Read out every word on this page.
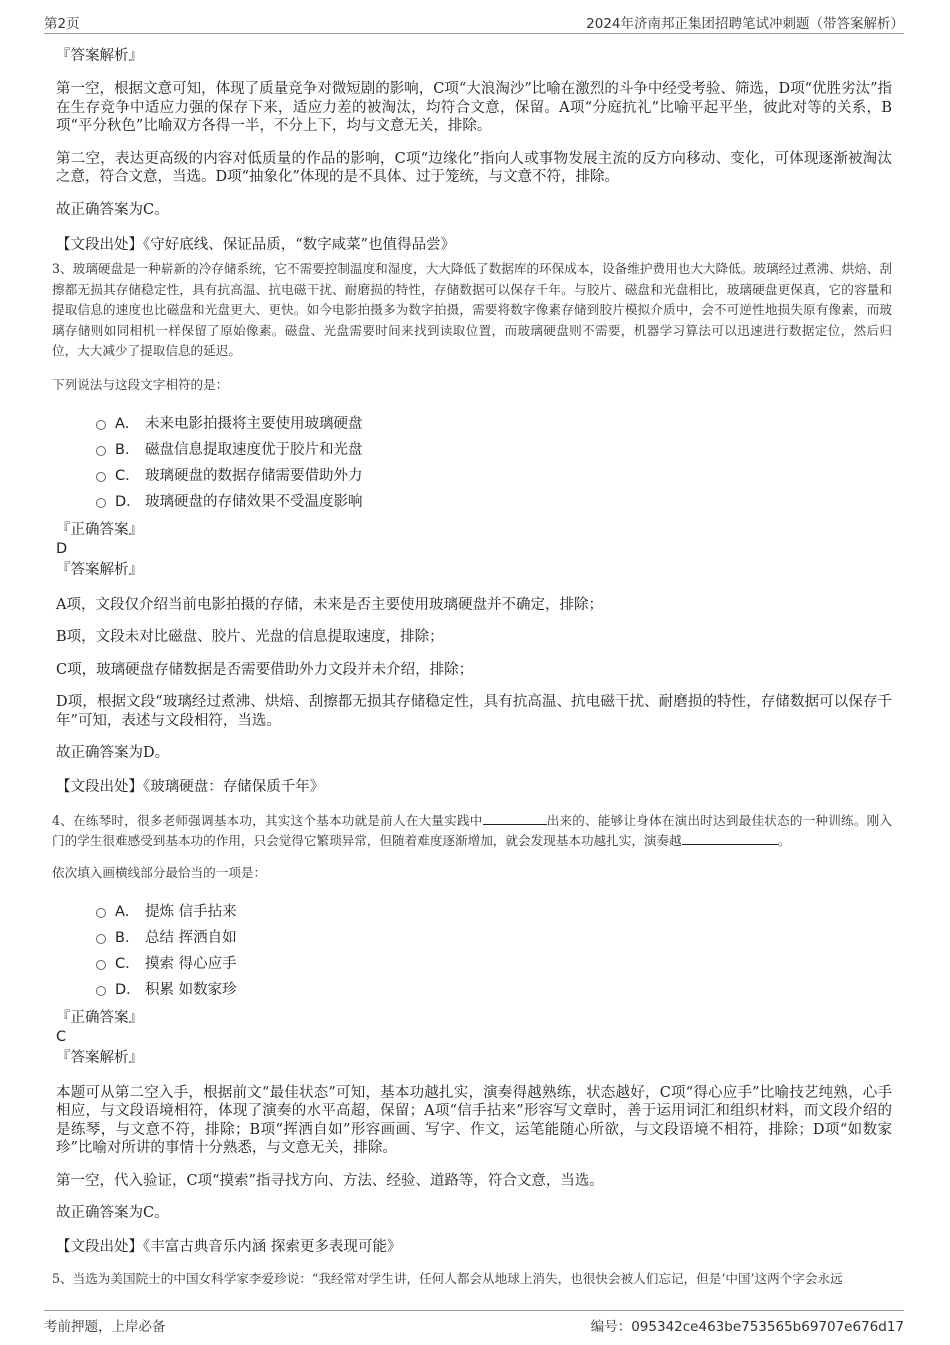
第2页	2024年济南邦正集团招聘笔试冲刺题（带答案解析）
『答案解析』
第一空，根据文意可知，体现了质量竞争对微短剧的影响，C项“大浪淘沙”比喻在激烈的斗争中经受考验、筛选，D项“优胜劣汰”指在生存竞争中适应力强的保存下来，适应力差的被淘汰，均符合文意，保留。A项“分庭抗礼”比喻平起平坐，彼此对等的关系，B项“平分秋色”比喻双方各得一半，不分上下，均与文意无关，排除。
第二空，表达更高级的内容对低质量的作品的影响，C项“边缘化”指向人或事物发展主流的反方向移动、变化，可体现逐渐被淘汰之意，符合文意，当选。D项“抽象化”体现的是不具体、过于笼统，与文意不符，排除。
故正确答案为C。
【文段出处】《守好底线、保证品质，“数字咸菜”也值得品尝》
3、玻璃硬盘是一种崭新的冷存储系统，它不需要控制温度和湿度，大大降低了数据库的环保成本，设备维护费用也大大降低。玻璃经过煮沸、烘焙、刮擦都无损其存储稳定性，具有抗高温、抗电磁干扰、耐磨损的特性，存储数据可以保存千年。与胶片、磁盘和光盘相比，玻璃硬盘更保真，它的容量和提取信息的速度也比磁盘和光盘更大、更快。如今电影拍摄多为数字拍摄，需要将数字像素存储到胶片模拟介质中，会不可逆性地损失原有像素，而玻璃存储则如同相机一样保留了原始像素。磁盘、光盘需要时间来找到读取位置，而玻璃硬盘则不需要，机器学习算法可以迅速进行数据定位，然后归位，大大减少了提取信息的延迟。
下列说法与这段文字相符的是：
A． 未来电影拍摄将主要使用玻璃硬盘
B． 磁盘信息提取速度优于胶片和光盘
C． 玻璃硬盘的数据存储需要借助外力
D． 玻璃硬盘的存储效果不受温度影响
『正确答案』
D
『答案解析』
A项，文段仅介绍当前电影拍摄的存储，未来是否主要使用玻璃硬盘并不确定，排除；
B项，文段未对比磁盘、胶片、光盘的信息提取速度，排除；
C项，玻璃硬盘存储数据是否需要借助外力文段并未介绍，排除；
D项，根据文段“玻璃经过煮沸、烘焙、刮擦都无损其存储稳定性，具有抗高温、抗电磁干扰、耐磨损的特性，存储数据可以保存千年”可知，表述与文段相符，当选。
故正确答案为D。
【文段出处】《玻璃硬盘：存储保质千年》
4、在练琴时，很多老师强调基本功，其实这个基本功就是前人在大量实践中	出来的、能够让身体在演出时达到最佳状态的一种训练。刚入门的学生很难感受到基本功的作用，只会觉得它繁琐异常，但随着难度逐渐增加，就会发现基本功越扎实，演奏越	。
依次填入画横线部分最恰当的一项是：
A． 提炼 信手拈来
B． 总结 挥洒自如
C． 摸索 得心应手
D． 积累 如数家珍
『正确答案』
C
『答案解析』
本题可从第二空入手，根据前文“最佳状态”可知，基本功越扎实，演奏得越熟练，状态越好，C项“得心应手”比喻技艺纯熟，心手相应，与文段语境相符，体现了演奏的水平高超，保留；A项“信手拈来”形容写文章时，善于运用词汇和组织材料，而文段介绍的是练琴，与文意不符，排除；B项“挥洒自如”形容画画、写字、作文，运笔能随心所欲，与文段语境不相符，排除；D项“如数家珍”比喻对所讲的事情十分熟悉，与文意无关，排除。
第一空，代入验证，C项“摸索”指寻找方向、方法、经验、道路等，符合文意，当选。
故正确答案为C。
【文段出处】《丰富古典音乐内涵 探索更多表现可能》
5、当选为美国院士的中国女科学家李爱珍说：“我经常对学生讲，任何人都会从地球上消失，也很快会被人们忘记，但是‘中国’这两个字会永远
考前押题，上岸必备	编号：095342ce463be753565b69707e676d17
